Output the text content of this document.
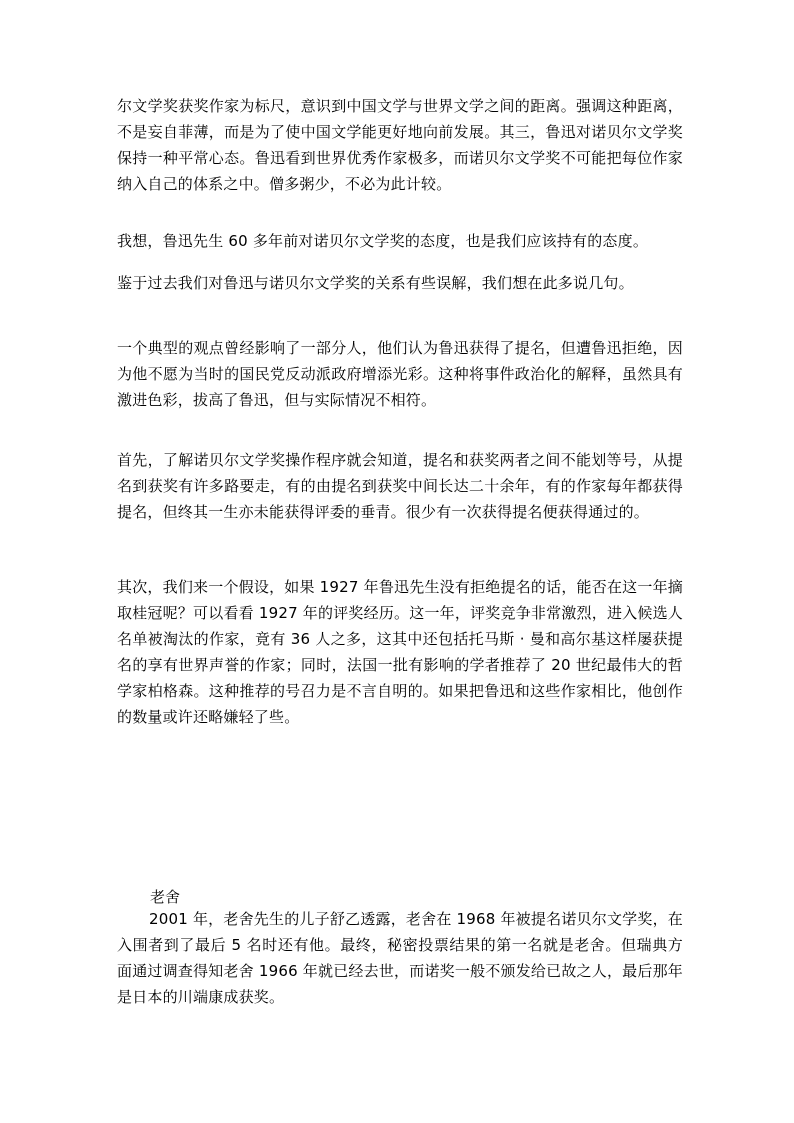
尔文学奖获奖作家为标尺，意识到中国文学与世界文学之间的距离。强调这种距离，不是妄自菲薄，而是为了使中国文学能更好地向前发展。其三，鲁迅对诺贝尔文学奖保持一种平常心态。鲁迅看到世界优秀作家极多，而诺贝尔文学奖不可能把每位作家纳入自己的体系之中。僧多粥少，不必为此计较。

我想，鲁迅先生 60 多年前对诺贝尔文学奖的态度，也是我们应该持有的态度。

鉴于过去我们对鲁迅与诺贝尔文学奖的关系有些误解，我们想在此多说几句。

一个典型的观点曾经影响了一部分人，他们认为鲁迅获得了提名，但遭鲁迅拒绝，因为他不愿为当时的国民党反动派政府增添光彩。这种将事件政治化的解释，虽然具有激进色彩，拔高了鲁迅，但与实际情况不相符。

首先，了解诺贝尔文学奖操作程序就会知道，提名和获奖两者之间不能划等号，从提名到获奖有许多路要走，有的由提名到获奖中间长达二十余年，有的作家每年都获得提名，但终其一生亦未能获得评委的垂青。很少有一次获得提名便获得通过的。

其次，我们来一个假设，如果 1927 年鲁迅先生没有拒绝提名的话，能否在这一年摘取桂冠呢？可以看看 1927 年的评奖经历。这一年，评奖竞争非常激烈，进入候选人名单被淘汰的作家，竟有 36 人之多，这其中还包括托马斯 · 曼和高尔基这样屡获提名的享有世界声誉的作家；同时，法国一批有影响的学者推荐了 20 世纪最伟大的哲学家柏格森。这种推荐的号召力是不言自明的。如果把鲁迅和这些作家相比，他创作的数量或许还略嫌轻了些。

老舍

2001 年，老舍先生的儿子舒乙透露，老舍在 1968 年被提名诺贝尔文学奖，在入围者到了最后 5 名时还有他。最终，秘密投票结果的第一名就是老舍。但瑞典方面通过调查得知老舍 1966 年就已经去世，而诺奖一般不颁发给已故之人，最后那年是日本的川端康成获奖。
